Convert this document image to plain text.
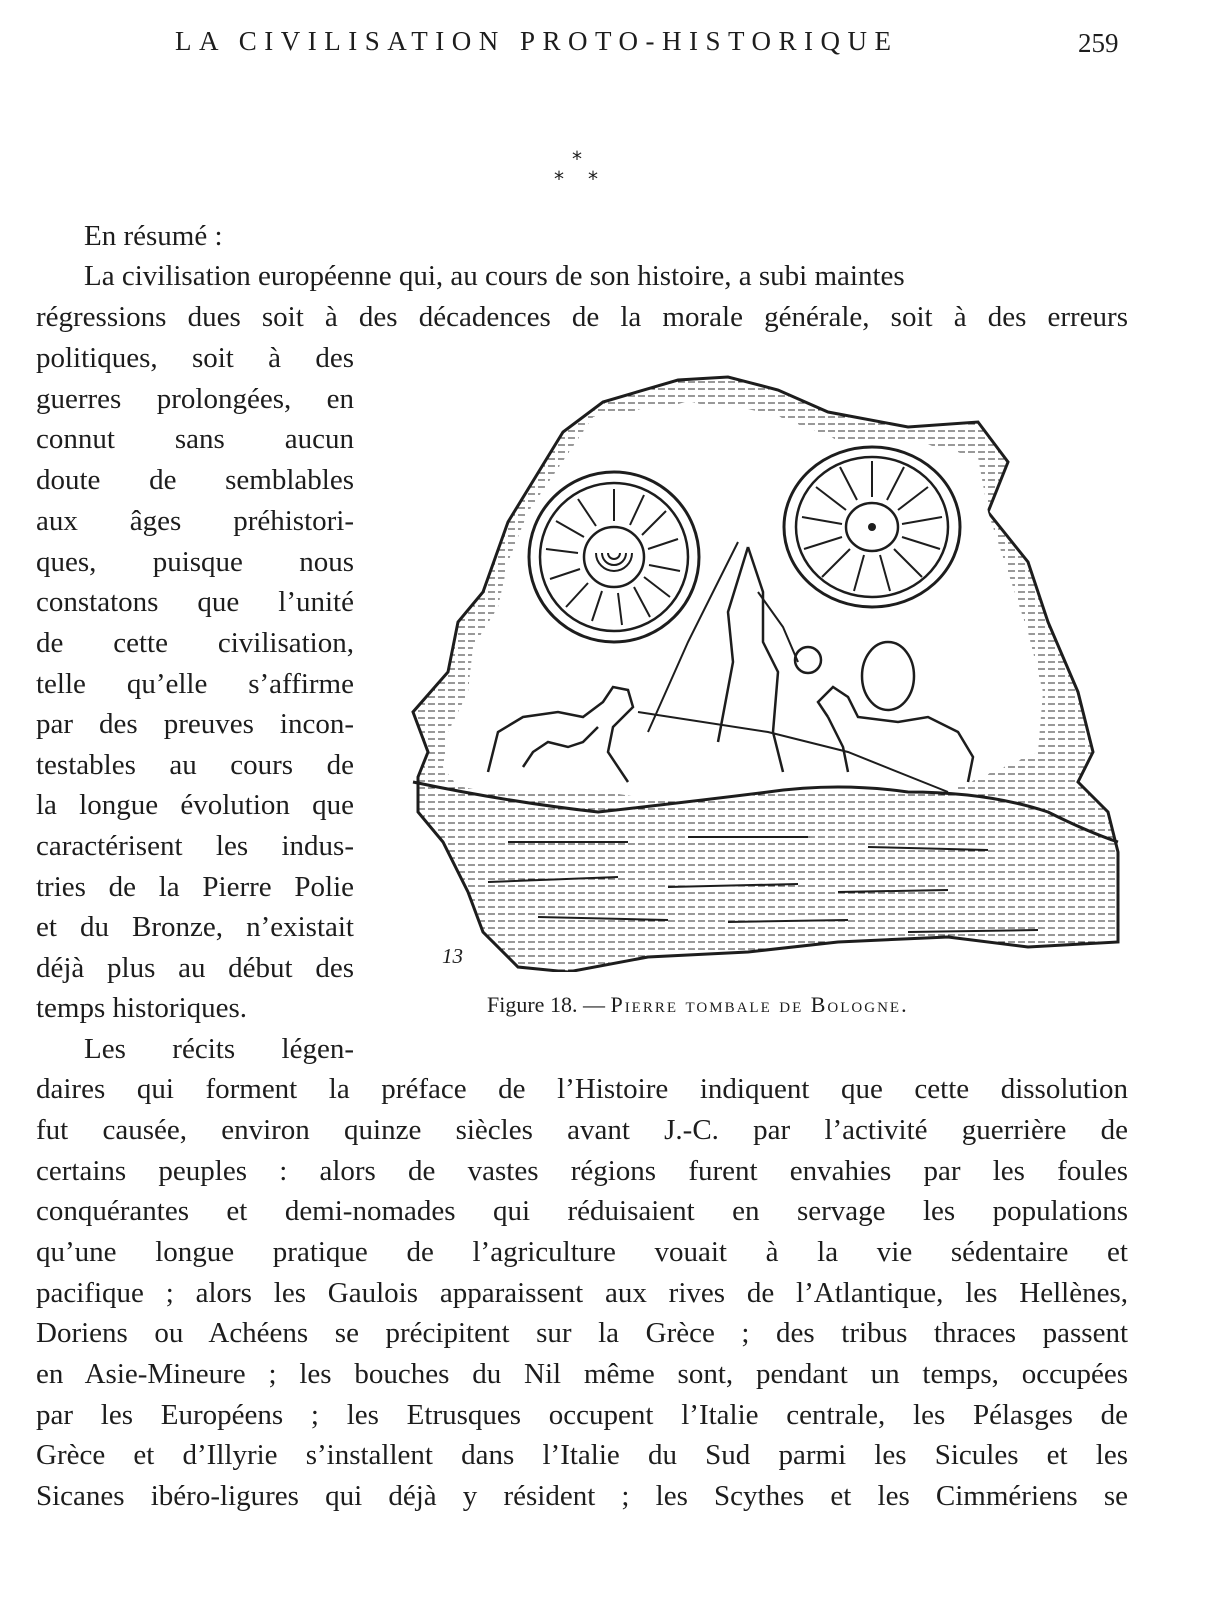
LA CIVILISATION PROTO-HISTORIQUE	259
*
* *

En résumé :

La civilisation européenne qui, au cours de son histoire, a subi maintes

régressions dues soit à des décadences de la morale générale, soit à des erreurs

politiques, soit à des

guerres prolongées, en

connut sans aucun

doute de semblables

aux âges préhistori-

ques, puisque nous

constatons que l’unité

de cette civilisation,

telle qu’elle s’affirme

par des preuves incon-

testables au cours de

la longue évolution que

caractérisent les indus-

tries de la Pierre Polie

et du Bronze, n’existait

déjà plus au début des

temps historiques.

Les récits légen-

daires qui forment la préface de l’Histoire indiquent que cette dissolution

fut causée, environ quinze siècles avant J.-C. par l’activité guerrière de

certains peuples : alors de vastes régions furent envahies par les foules

conquérantes et demi-nomades qui réduisaient en servage les populations

qu’une longue pratique de l’agriculture vouait à la vie sédentaire et

pacifique ; alors les Gaulois apparaissent aux rives de l’Atlantique, les Hellènes,

Doriens ou Achéens se précipitent sur la Grèce ; des tribus thraces passent

en Asie-Mineure ; les bouches du Nil même sont, pendant un temps, occupées

par les Européens ; les Etrusques occupent l’Italie centrale, les Pélasges de

Grèce et d’Illyrie s’installent dans l’Italie du Sud parmi les Sicules et les

Sicanes ibéro-ligures qui déjà y résident ; les Scythes et les Cimmériens se

13
Figure 18. — Pierre tombale de Bologne.
